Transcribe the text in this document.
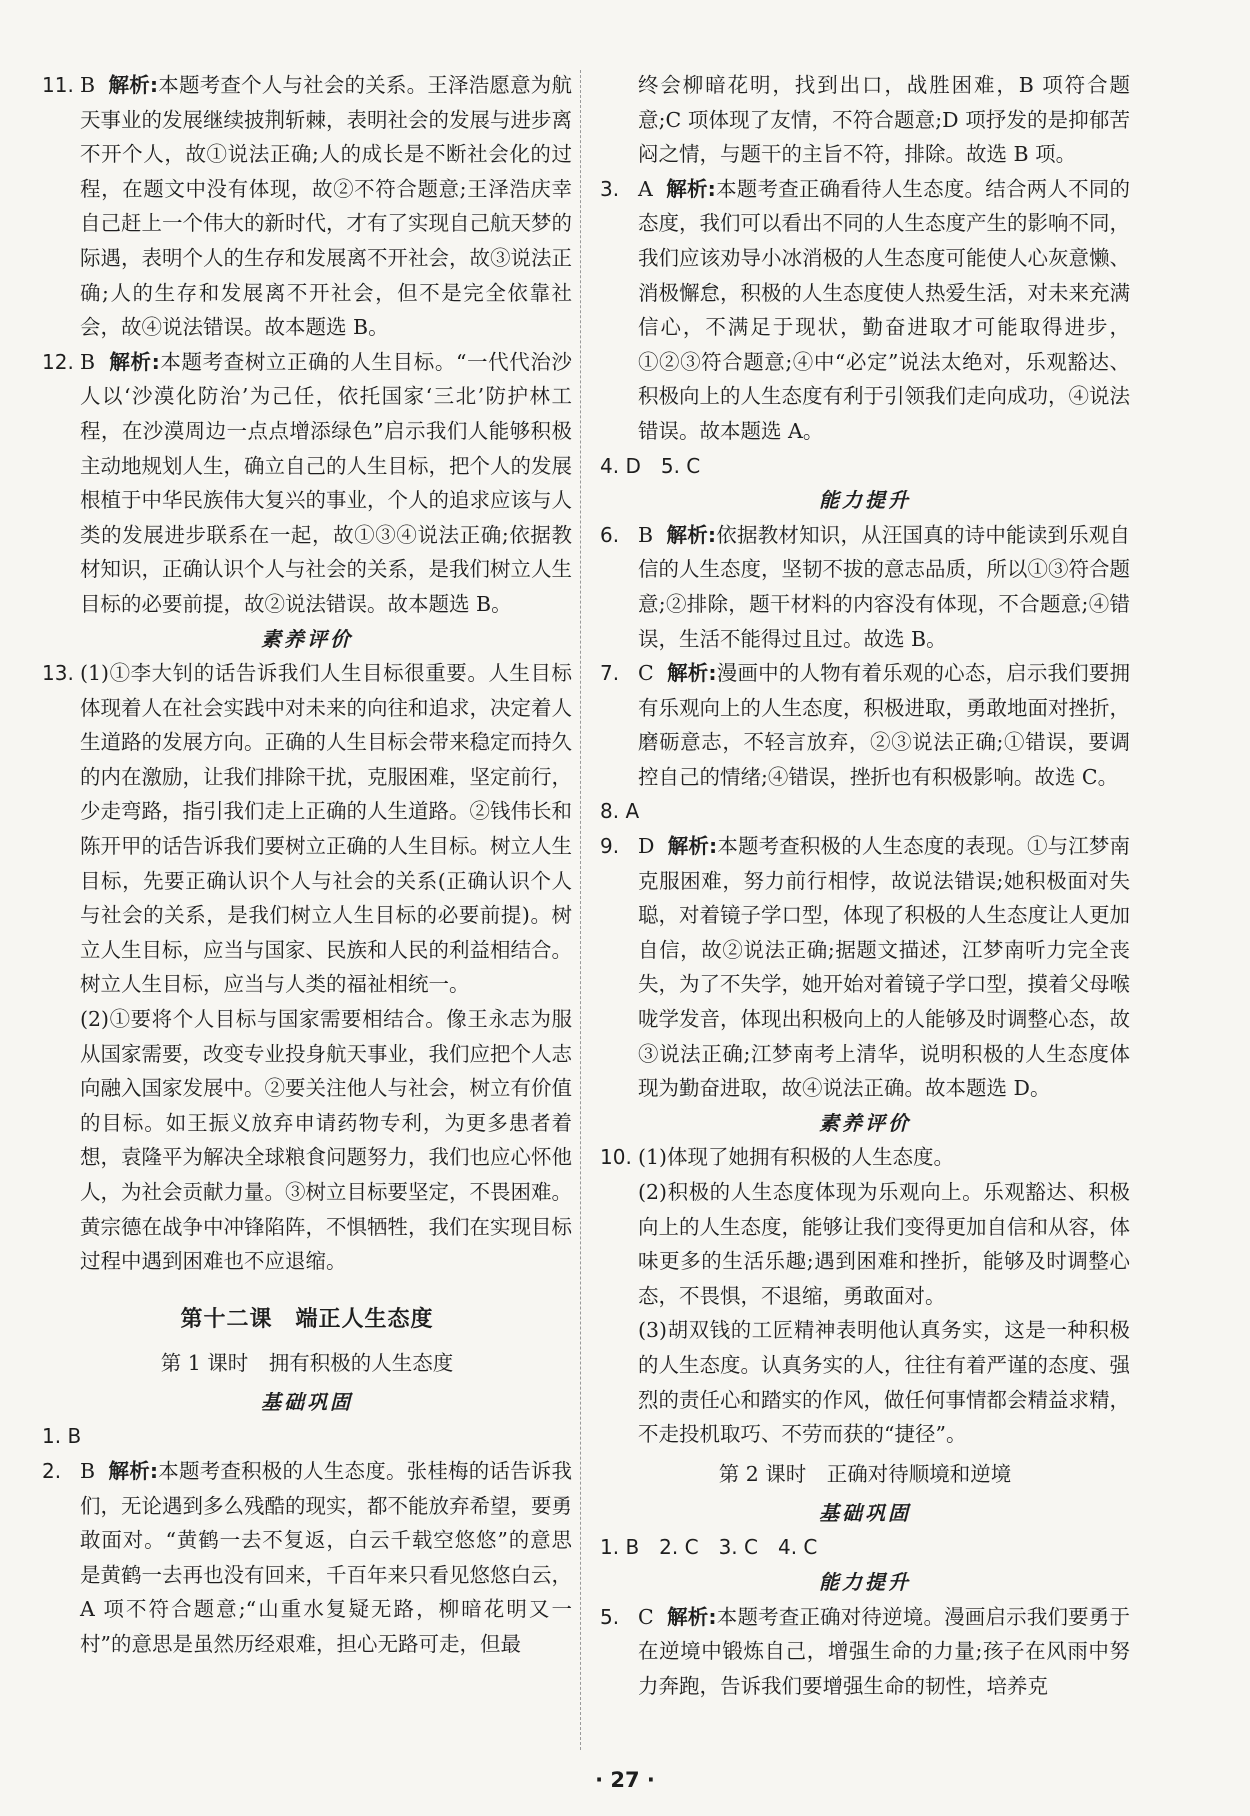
11. B 解析:本题考查个人与社会的关系。王泽浩愿意为航天事业的发展继续披荆斩棘，表明社会的发展与进步离不开个人，故①说法正确;人的成长是不断社会化的过程，在题文中没有体现，故②不符合题意;王泽浩庆幸自己赶上一个伟大的新时代，才有了实现自己航天梦的际遇，表明个人的生存和发展离不开社会，故③说法正确;人的生存和发展离不开社会，但不是完全依靠社会，故④说法错误。故本题选 B。
12. B 解析:本题考查树立正确的人生目标。“一代代治沙人以‘沙漠化防治’为己任，依托国家‘三北’防护林工程，在沙漠周边一点点增添绿色”启示我们人能够积极主动地规划人生，确立自己的人生目标，把个人的发展根植于中华民族伟大复兴的事业，个人的追求应该与人类的发展进步联系在一起，故①③④说法正确;依据教材知识，正确认识个人与社会的关系，是我们树立人生目标的必要前提，故②说法错误。故本题选 B。
素养评价
13. (1)①李大钊的话告诉我们人生目标很重要。人生目标体现着人在社会实践中对未来的向往和追求，决定着人生道路的发展方向。正确的人生目标会带来稳定而持久的内在激励，让我们排除干扰，克服困难，坚定前行，少走弯路，指引我们走上正确的人生道路。②钱伟长和陈开甲的话告诉我们要树立正确的人生目标。树立人生目标，先要正确认识个人与社会的关系(正确认识个人与社会的关系，是我们树立人生目标的必要前提)。树立人生目标，应当与国家、民族和人民的利益相结合。树立人生目标，应当与人类的福祉相统一。
(2)①要将个人目标与国家需要相结合。像王永志为服从国家需要，改变专业投身航天事业，我们应把个人志向融入国家发展中。②要关注他人与社会，树立有价值的目标。如王振义放弃申请药物专利，为更多患者着想，袁隆平为解决全球粮食问题努力，我们也应心怀他人，为社会贡献力量。③树立目标要坚定，不畏困难。黄宗德在战争中冲锋陷阵，不惧牺牲，我们在实现目标过程中遇到困难也不应退缩。
第十二课　端正人生态度
第 1 课时　拥有积极的人生态度
基础巩固
1. B
2. B 解析:本题考查积极的人生态度。张桂梅的话告诉我们，无论遇到多么残酷的现实，都不能放弃希望，要勇敢面对。“黄鹤一去不复返，白云千载空悠悠”的意思是黄鹤一去再也没有回来，千百年来只看见悠悠白云，A 项不符合题意;“山重水复疑无路，柳暗花明又一村”的意思是虽然历经艰难，担心无路可走，但最
终会柳暗花明，找到出口，战胜困难，B 项符合题意;C 项体现了友情，不符合题意;D 项抒发的是抑郁苦闷之情，与题干的主旨不符，排除。故选 B 项。
3. A 解析:本题考查正确看待人生态度。结合两人不同的态度，我们可以看出不同的人生态度产生的影响不同，我们应该劝导小冰消极的人生态度可能使人心灰意懒、消极懈怠，积极的人生态度使人热爱生活，对未来充满信心，不满足于现状，勤奋进取才可能取得进步，①②③符合题意;④中“必定”说法太绝对，乐观豁达、积极向上的人生态度有利于引领我们走向成功，④说法错误。故本题选 A。
4. D　5. C
能力提升
6. B 解析:依据教材知识，从汪国真的诗中能读到乐观自信的人生态度，坚韧不拔的意志品质，所以①③符合题意;②排除，题干材料的内容没有体现，不合题意;④错误，生活不能得过且过。故选 B。
7. C 解析:漫画中的人物有着乐观的心态，启示我们要拥有乐观向上的人生态度，积极进取，勇敢地面对挫折，磨砺意志，不轻言放弃，②③说法正确;①错误，要调控自己的情绪;④错误，挫折也有积极影响。故选 C。
8. A
9. D 解析:本题考查积极的人生态度的表现。①与江梦南克服困难，努力前行相悖，故说法错误;她积极面对失聪，对着镜子学口型，体现了积极的人生态度让人更加自信，故②说法正确;据题文描述，江梦南听力完全丧失，为了不失学，她开始对着镜子学口型，摸着父母喉咙学发音，体现出积极向上的人能够及时调整心态，故③说法正确;江梦南考上清华，说明积极的人生态度体现为勤奋进取，故④说法正确。故本题选 D。
素养评价
10. (1)体现了她拥有积极的人生态度。
(2)积极的人生态度体现为乐观向上。乐观豁达、积极向上的人生态度，能够让我们变得更加自信和从容，体味更多的生活乐趣;遇到困难和挫折，能够及时调整心态，不畏惧，不退缩，勇敢面对。
(3)胡双钱的工匠精神表明他认真务实，这是一种积极的人生态度。认真务实的人，往往有着严谨的态度、强烈的责任心和踏实的作风，做任何事情都会精益求精，不走投机取巧、不劳而获的“捷径”。
第 2 课时　正确对待顺境和逆境
基础巩固
1. B　2. C　3. C　4. C
能力提升
5. C 解析:本题考查正确对待逆境。漫画启示我们要勇于在逆境中锻炼自己，增强生命的力量;孩子在风雨中努力奔跑，告诉我们要增强生命的韧性，培养克
· 27 ·
